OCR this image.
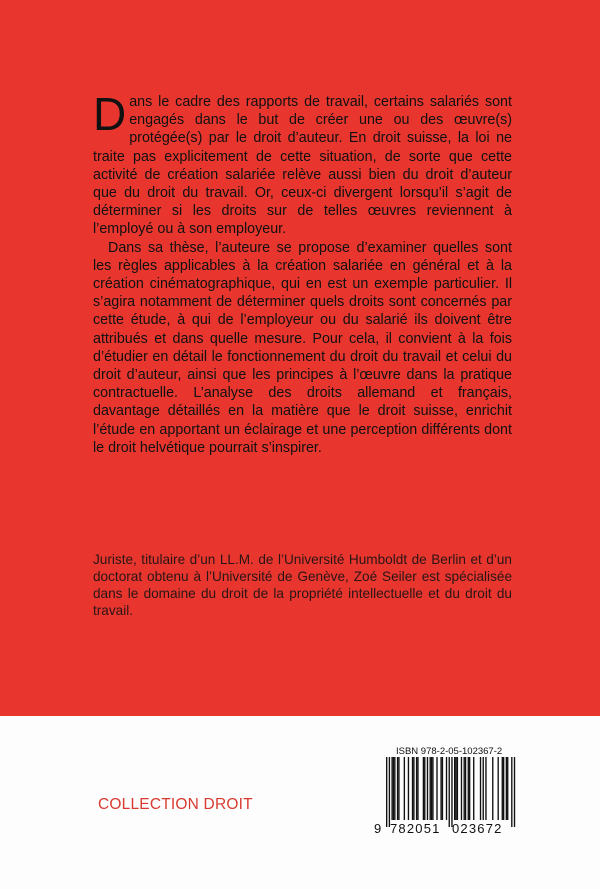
Dans le cadre des rapports de travail, certains salariés sont engagés dans le but de créer une ou des œuvre(s) protégée(s) par le droit d’auteur. En droit suisse, la loi ne traite pas explicitement de cette situation, de sorte que cette activité de création salariée relève aussi bien du droit d’auteur que du droit du travail. Or, ceux-ci divergent lorsqu’il s’agit de déterminer si les droits sur de telles œuvres reviennent à l’employé ou à son employeur.

Dans sa thèse, l’auteure se propose d’examiner quelles sont les règles applicables à la création salariée en général et à la création cinématographique, qui en est un exemple particulier. Il s’agira notamment de déterminer quels droits sont concernés par cette étude, à qui de l’employeur ou du salarié ils doivent être attribués et dans quelle mesure. Pour cela, il convient à la fois d’étudier en détail le fonctionnement du droit du travail et celui du droit d’auteur, ainsi que les principes à l’œuvre dans la pratique contractuelle. L’analyse des droits allemand et français, davantage détaillés en la matière que le droit suisse, enrichit l’étude en apportant un éclairage et une perception différents dont le droit helvétique pourrait s’inspirer.

Juriste, titulaire d’un LL.M. de l’Université Humboldt de Berlin et d’un doctorat obtenu à l’Université de Genève, Zoé Seiler est spécialisée dans le domaine du droit de la propriété intellectuelle et du droit du travail.

COLLECTION DROIT
ISBN 978-2-05-102367-2
9 782051 023672
